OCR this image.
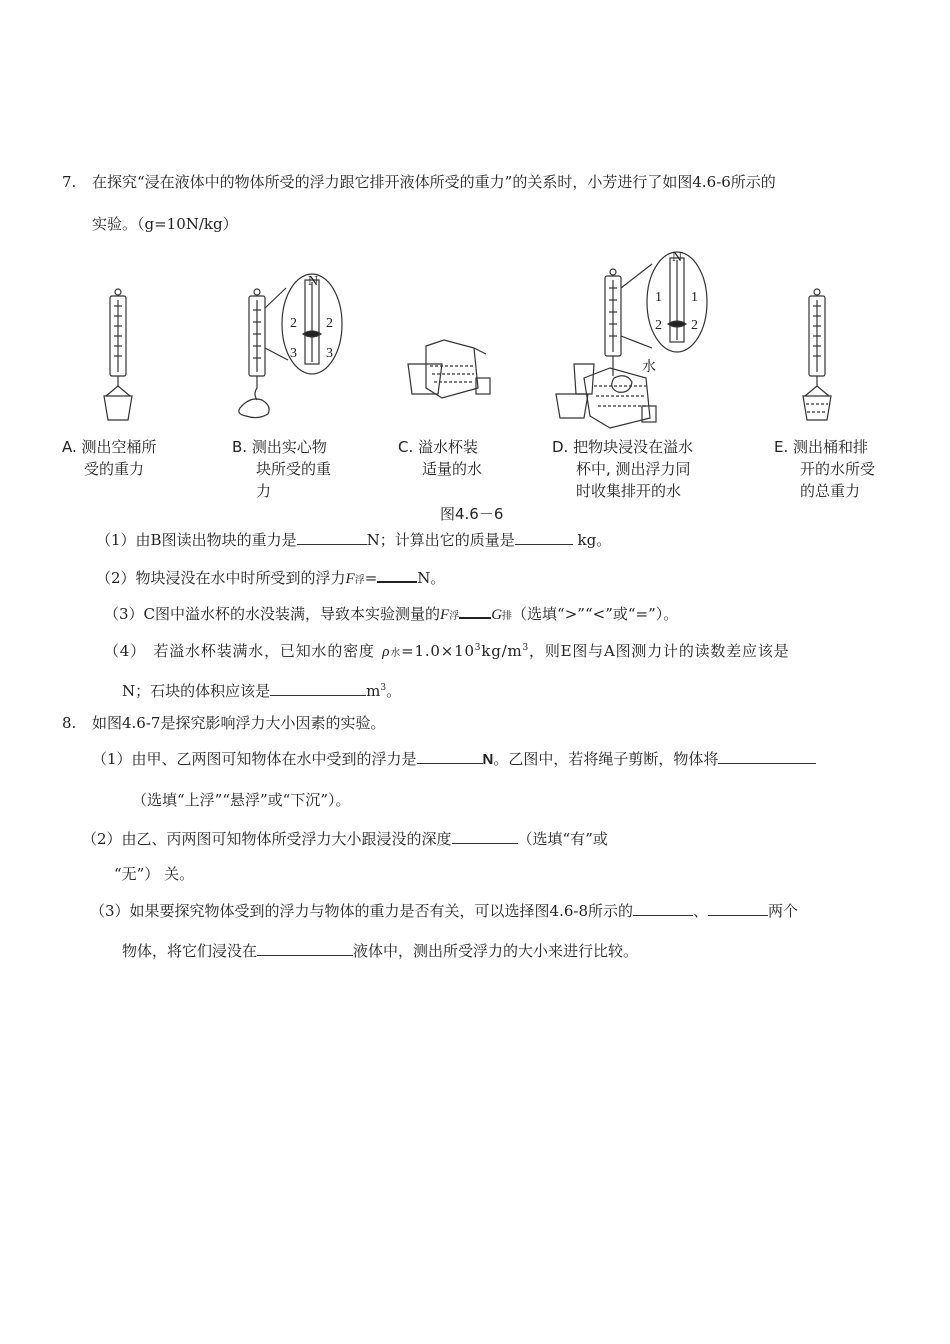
7. 在探究“浸在液体中的物体所受的浮力跟它排开液体所受的重力”的关系时，小芳进行了如图4.6-6所示的
实验。（g=10N/kg）
N
2 2
3 3
N
1 1
2 2
水
A. 测出空桶所
受的重力
B. 测出实心物
块所受的重
力
C. 溢水杯装
适量的水
D. 把物块浸没在溢水
杯中, 测出浮力同
时收集排开的水
E. 测出桶和排
开的水所受
的总重力
图4.6－6
（1）由B图读出物块的重力是	N；计算出它的质量是	kg。
（2）物块浸没在水中时所受到的浮力F浮=	N。
（3）C图中溢水杯的水没装满，导致本实验测量的F浮 G排（选填“>”“<”或“=”）。
（4） 若溢水杯装满水，已知水的密度 ρ水$=1.0\times 10^3kg/m^3$，则E图与A图测力计的读数差应该是
N；石块的体积应该是	$m^3$。
8. 如图4.6-7是探究影响浮力大小因素的实验。
（1）由甲、乙两图可知物体在水中受到的浮力是	N。乙图中，若将绳子剪断，物体将
（选填“上浮”“悬浮”或“下沉”）。
（2）由乙、丙两图可知物体所受浮力大小跟浸没的深度	（选填“有”或
“无”） 关。
（3）如果要探究物体受到的浮力与物体的重力是否有关，可以选择图4.6-8所示的	、	两个
物体，将它们浸没在	液体中，测出所受浮力的大小来进行比较。
